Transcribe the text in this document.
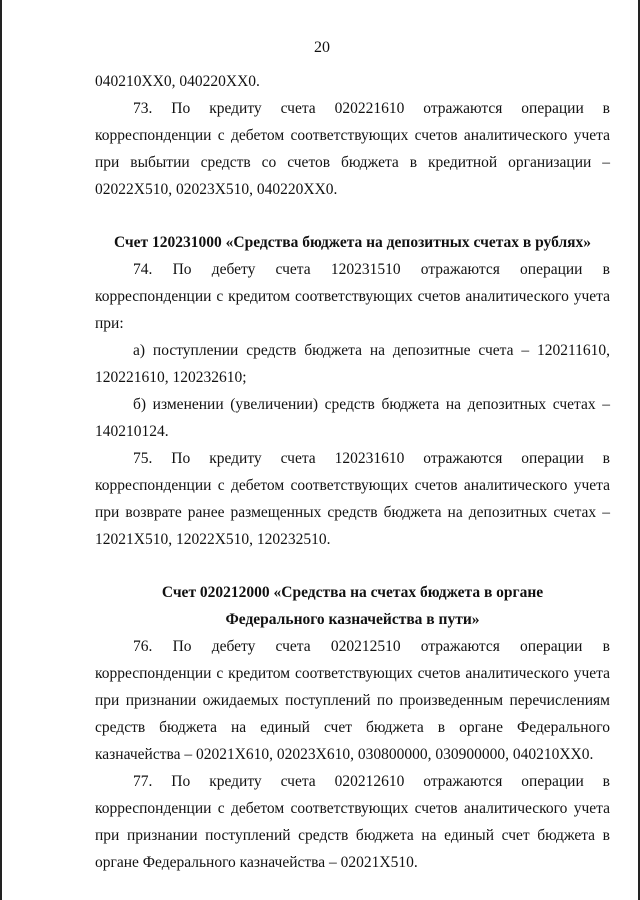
20

040210XX0, 040220XX0.

73. По кредиту счета 020221610 отражаются операции в корреспонденции с дебетом соответствующих счетов аналитического учета при выбытии средств со счетов бюджета в кредитной организации – 02022X510, 02023X510, 040220XX0.

Счет 120231000 «Средства бюджета на депозитных счетах в рублях»

74. По дебету счета 120231510 отражаются операции в корреспонденции с кредитом соответствующих счетов аналитического учета при:

а) поступлении средств бюджета на депозитные счета – 120211610, 120221610, 120232610;

б) изменении (увеличении) средств бюджета на депозитных счетах – 140210124.

75. По кредиту счета 120231610 отражаются операции в корреспонденции с дебетом соответствующих счетов аналитического учета при возврате ранее размещенных средств бюджета на депозитных счетах – 12021X510, 12022X510, 120232510.

Счет 020212000 «Средства на счетах бюджета в органе

Федерального казначейства в пути»

76. По дебету счета 020212510 отражаются операции в корреспонденции с кредитом соответствующих счетов аналитического учета при признании ожидаемых поступлений по произведенным перечислениям средств бюджета на единый счет бюджета в органе Федерального казначейства – 02021X610, 02023X610, 030800000, 030900000, 040210XX0.

77. По кредиту счета 020212610 отражаются операции в корреспонденции с дебетом соответствующих счетов аналитического учета при признании поступлений средств бюджета на единый счет бюджета в органе Федерального казначейства – 02021X510.
